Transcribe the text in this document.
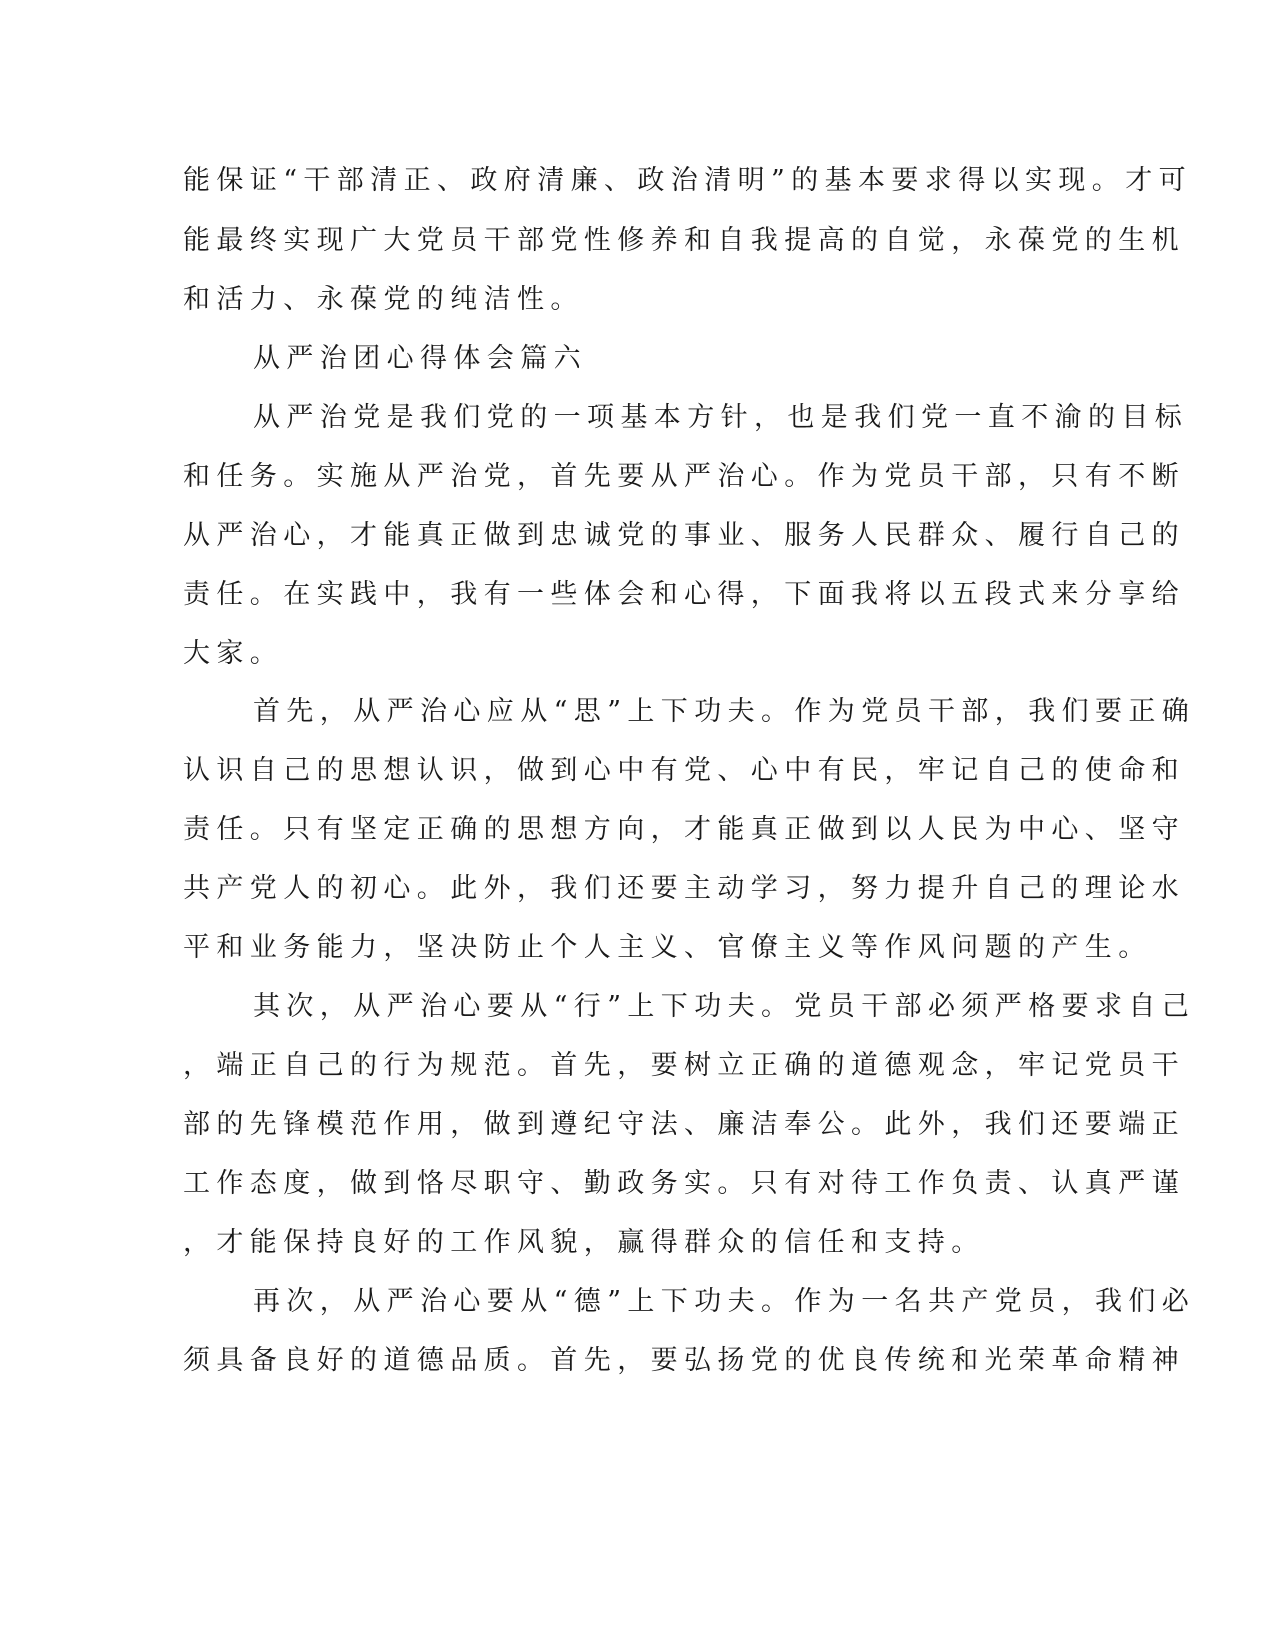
能保证“干部清正、政府清廉、政治清明”的基本要求得以实现。才可
能最终实现广大党员干部党性修养和自我提高的自觉，永葆党的生机
和活力、永葆党的纯洁性。
从严治团心得体会篇六
从严治党是我们党的一项基本方针，也是我们党一直不渝的目标
和任务。实施从严治党，首先要从严治心。作为党员干部，只有不断
从严治心，才能真正做到忠诚党的事业、服务人民群众、履行自己的
责任。在实践中，我有一些体会和心得，下面我将以五段式来分享给
大家。
首先，从严治心应从“思”上下功夫。作为党员干部，我们要正确
认识自己的思想认识，做到心中有党、心中有民，牢记自己的使命和
责任。只有坚定正确的思想方向，才能真正做到以人民为中心、坚守
共产党人的初心。此外，我们还要主动学习，努力提升自己的理论水
平和业务能力，坚决防止个人主义、官僚主义等作风问题的产生。
其次，从严治心要从“行”上下功夫。党员干部必须严格要求自己
，端正自己的行为规范。首先，要树立正确的道德观念，牢记党员干
部的先锋模范作用，做到遵纪守法、廉洁奉公。此外，我们还要端正
工作态度，做到恪尽职守、勤政务实。只有对待工作负责、认真严谨
，才能保持良好的工作风貌，赢得群众的信任和支持。
再次，从严治心要从“德”上下功夫。作为一名共产党员，我们必
须具备良好的道德品质。首先，要弘扬党的优良传统和光荣革命精神
